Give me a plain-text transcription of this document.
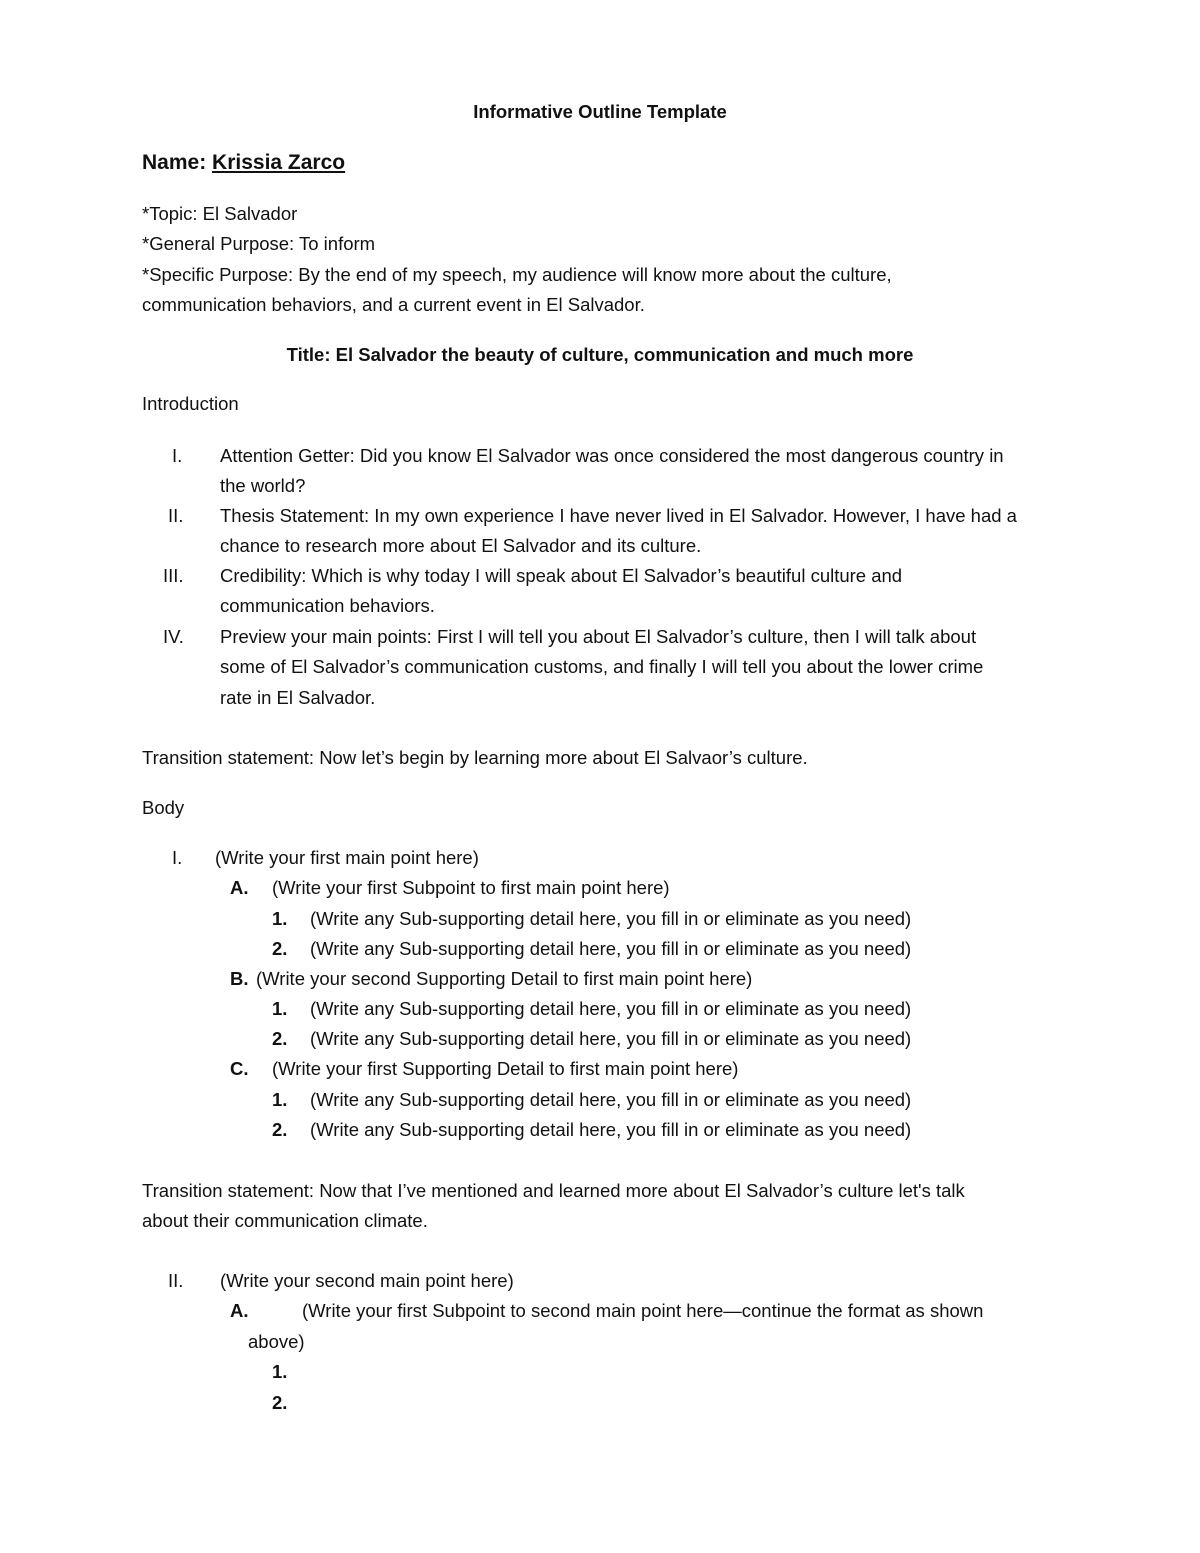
Informative Outline Template
Name: Krissia Zarco
*Topic: El Salvador
*General Purpose: To inform
*Specific Purpose: By the end of my speech, my audience will know more about the culture,
communication behaviors, and a current event in El Salvador.
Title: El Salvador the beauty of culture, communication and much more
Introduction
I. Attention Getter: Did you know El Salvador was once considered the most dangerous country in
the world?
II. Thesis Statement: In my own experience I have never lived in El Salvador. However, I have had a
chance to research more about El Salvador and its culture.
III. Credibility: Which is why today I will speak about El Salvador’s beautiful culture and
communication behaviors.
IV. Preview your main points: First I will tell you about El Salvador’s culture, then I will talk about
some of El Salvador’s communication customs, and finally I will tell you about the lower crime
rate in El Salvador.
Transition statement: Now let’s begin by learning more about El Salvaor’s culture.
Body
I. (Write your first main point here)
A. (Write your first Subpoint to first main point here)
1. (Write any Sub-supporting detail here, you fill in or eliminate as you need)
2. (Write any Sub-supporting detail here, you fill in or eliminate as you need)
B. (Write your second Supporting Detail to first main point here)
1. (Write any Sub-supporting detail here, you fill in or eliminate as you need)
2. (Write any Sub-supporting detail here, you fill in or eliminate as you need)
C. (Write your first Supporting Detail to first main point here)
1. (Write any Sub-supporting detail here, you fill in or eliminate as you need)
2. (Write any Sub-supporting detail here, you fill in or eliminate as you need)
Transition statement: Now that I’ve mentioned and learned more about El Salvador’s culture let's talk
about their communication climate.
II. (Write your second main point here)
A.	(Write your first Subpoint to second main point here—continue the format as shown
above)
1.
2.
